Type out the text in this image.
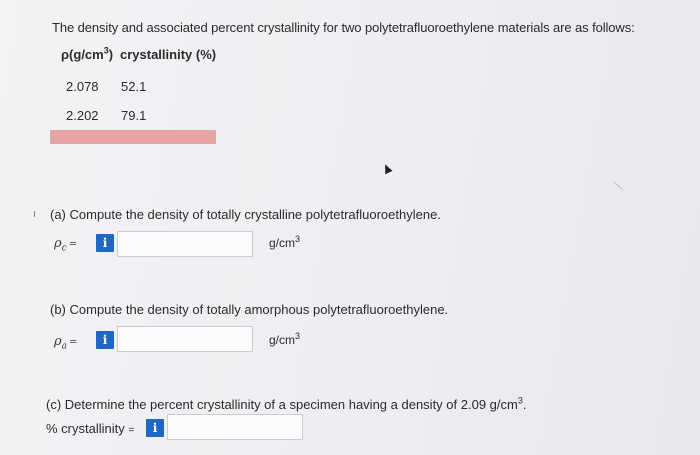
The density and associated percent crystallinity for two polytetrafluoroethylene materials are as follows:
$\rho(g/cm^3)$ crystallinity (%)
2.078 52.1
2.202 79.1
ı (a) Compute the density of totally crystalline polytetrafluoroethylene.
$\rho_c$ =	i	$g/cm^3$
(b) Compute the density of totally amorphous polytetrafluoroethylene.
$\rho_a$ =	i	$g/cm^3$
(c) Determine the percent crystallinity of a specimen having a density of 2.09 $g/cm^3$.
% crystallinity =	i
